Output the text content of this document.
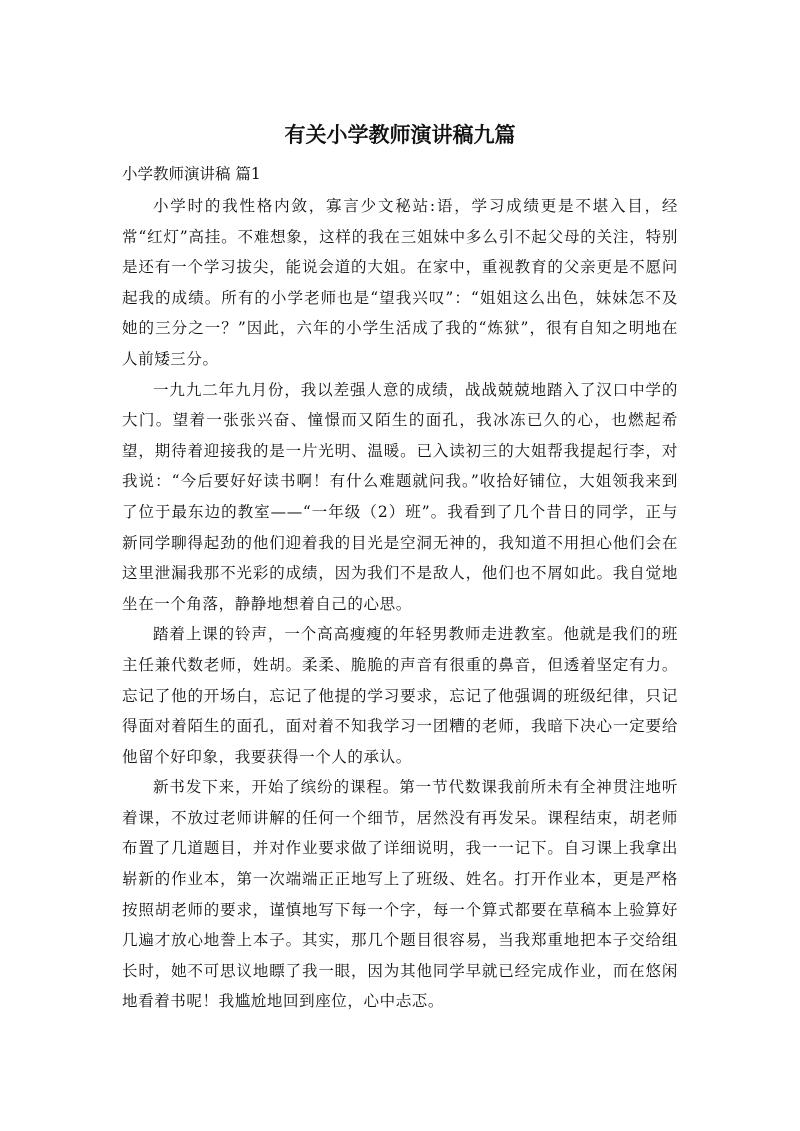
有关小学教师演讲稿九篇

小学教师演讲稿 篇1

小学时的我性格内敛，寡言少文秘站:语，学习成绩更是不堪入目，经常“红灯”高挂。不难想象，这样的我在三姐妹中多么引不起父母的关注，特别是还有一个学习拔尖，能说会道的大姐。在家中，重视教育的父亲更是不愿问起我的成绩。所有的小学老师也是“望我兴叹”：“姐姐这么出色，妹妹怎不及她的三分之一？”因此，六年的小学生活成了我的“炼狱”，很有自知之明地在人前矮三分。

一九九二年九月份，我以差强人意的成绩，战战兢兢地踏入了汉口中学的大门。望着一张张兴奋、憧憬而又陌生的面孔，我冰冻已久的心，也燃起希望，期待着迎接我的是一片光明、温暖。已入读初三的大姐帮我提起行李，对我说：“今后要好好读书啊！有什么难题就问我。”收拾好铺位，大姐领我来到了位于最东边的教室——“一年级（2）班”。我看到了几个昔日的同学，正与新同学聊得起劲的他们迎着我的目光是空洞无神的，我知道不用担心他们会在这里泄漏我那不光彩的成绩，因为我们不是敌人，他们也不屑如此。我自觉地坐在一个角落，静静地想着自己的心思。

踏着上课的铃声，一个高高瘦瘦的年轻男教师走进教室。他就是我们的班主任兼代数老师，姓胡。柔柔、脆脆的声音有很重的鼻音，但透着坚定有力。忘记了他的开场白，忘记了他提的学习要求，忘记了他强调的班级纪律，只记得面对着陌生的面孔，面对着不知我学习一团糟的老师，我暗下决心一定要给他留个好印象，我要获得一个人的承认。

新书发下来，开始了缤纷的课程。第一节代数课我前所未有全神贯注地听着课，不放过老师讲解的任何一个细节，居然没有再发呆。课程结束，胡老师布置了几道题目，并对作业要求做了详细说明，我一一记下。自习课上我拿出崭新的作业本，第一次端端正正地写上了班级、姓名。打开作业本，更是严格按照胡老师的要求，谨慎地写下每一个字，每一个算式都要在草稿本上验算好几遍才放心地誊上本子。其实，那几个题目很容易，当我郑重地把本子交给组长时，她不可思议地瞟了我一眼，因为其他同学早就已经完成作业，而在悠闲地看着书呢！我尴尬地回到座位，心中忐忑。
